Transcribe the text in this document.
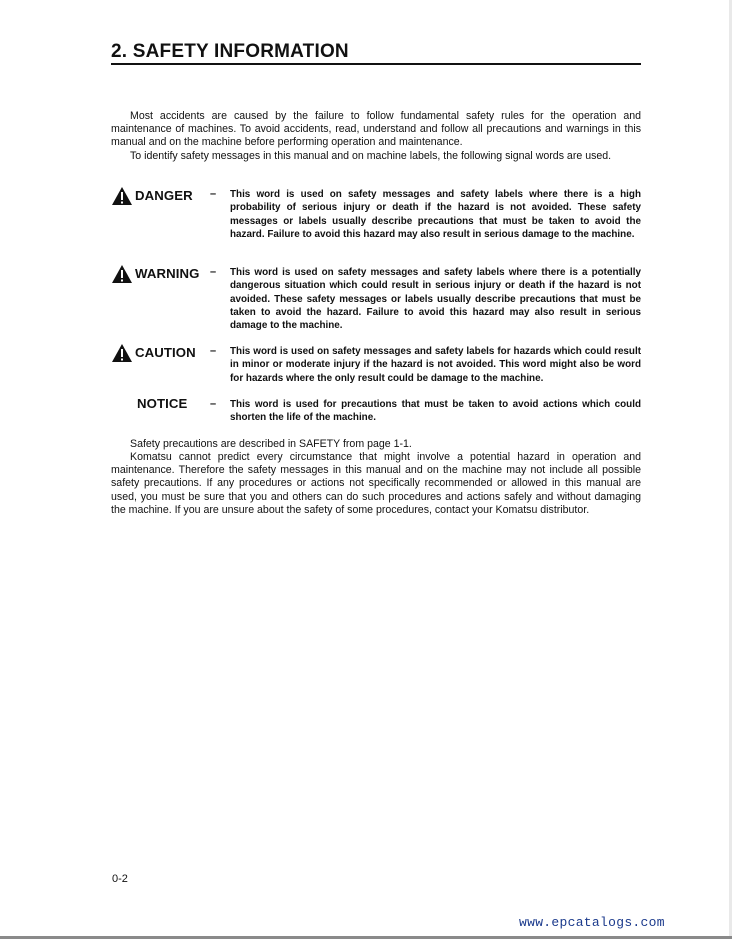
2. SAFETY INFORMATION

Most accidents are caused by the failure to follow fundamental safety rules for the operation and maintenance of machines. To avoid accidents, read, understand and follow all precautions and warnings in this manual and on the machine before performing operation and maintenance.

To identify safety messages in this manual and on machine labels, the following signal words are used.

DANGER – This word is used on safety messages and safety labels where there is a high probability of serious injury or death if the hazard is not avoided. These safety messages or labels usually describe precautions that must be taken to avoid the hazard. Failure to avoid this hazard may also result in serious damage to the machine.

WARNING – This word is used on safety messages and safety labels where there is a potentially dangerous situation which could result in serious injury or death if the hazard is not avoided. These safety messages or labels usually describe precautions that must be taken to avoid the hazard. Failure to avoid this hazard may also result in serious damage to the machine.

CAUTION – This word is used on safety messages and safety labels for hazards which could result in minor or moderate injury if the hazard is not avoided. This word might also be word for hazards where the only result could be damage to the machine.

NOTICE – This word is used for precautions that must be taken to avoid actions which could shorten the life of the machine.

Safety precautions are described in SAFETY from page 1-1.

Komatsu cannot predict every circumstance that might involve a potential hazard in operation and maintenance. Therefore the safety messages in this manual and on the machine may not include all possible safety precautions. If any procedures or actions not specifically recommended or allowed in this manual are used, you must be sure that you and others can do such procedures and actions safely and without damaging the machine. If you are unsure about the safety of some procedures, contact your Komatsu distributor.

0-2
www.epcatalogs.com
